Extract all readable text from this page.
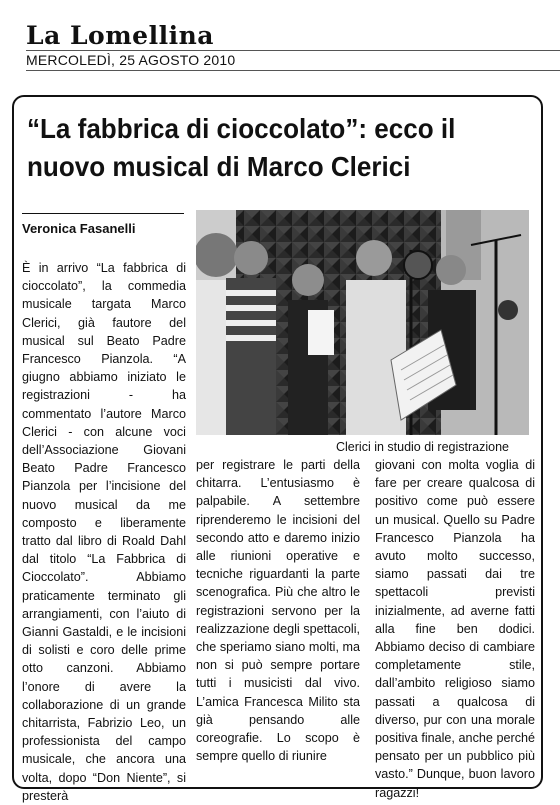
La Lomellina
MERCOLEDÌ, 25 AGOSTO 2010
“La fabbrica di cioccolato”: ecco il nuovo musical di Marco Clerici
Veronica Fasanelli
È in arrivo “La fabbrica di cioccolato”, la commedia musicale targata Marco Clerici, già fautore del musical sul Beato Padre Francesco Pianzola. “A giugno abbiamo iniziato le registrazioni - ha commentato l’autore Marco Clerici - con alcune voci dell’Associazione Giovani Beato Padre Francesco Pianzola per l’incisione del nuovo musical da me composto e liberamente tratto dal libro di Roald Dahl dal titolo “La Fabbrica di Cioccolato”. Abbiamo praticamente terminato gli arrangiamenti, con l’aiuto di Gianni Gastaldi, e le incisioni di solisti e coro delle prime otto canzoni. Abbiamo l’onore di avere la collaborazione di un grande chitarrista, Fabrizio Leo, un professionista del campo musicale, che ancora una volta, dopo “Don Niente”, si presterà
Clerici in studio di registrazione
per registrare le parti della chitarra. L’entusiasmo è palpabile. A settembre riprenderemo le incisioni del secondo atto e daremo inizio alle riunioni operative e tecniche riguardanti la parte scenografica. Più che altro le registrazioni servono per la realizzazione degli spettacoli, che speriamo siano molti, ma non si può sempre portare tutti i musicisti dal vivo. L’amica Francesca Milito sta già pensando alle coreografie. Lo scopo è sempre quello di riunire
giovani con molta voglia di fare per creare qualcosa di positivo come può essere un musical. Quello su Padre Francesco Pianzola ha avuto molto successo, siamo passati dai tre spettacoli previsti inizialmente, ad averne fatti alla fine ben dodici. Abbiamo deciso di cambiare completamente stile, dall’ambito religioso siamo passati a qualcosa di diverso, pur con una morale positiva finale, anche perché pensato per un pubblico più vasto.” Dunque, buon lavoro ragazzi!
